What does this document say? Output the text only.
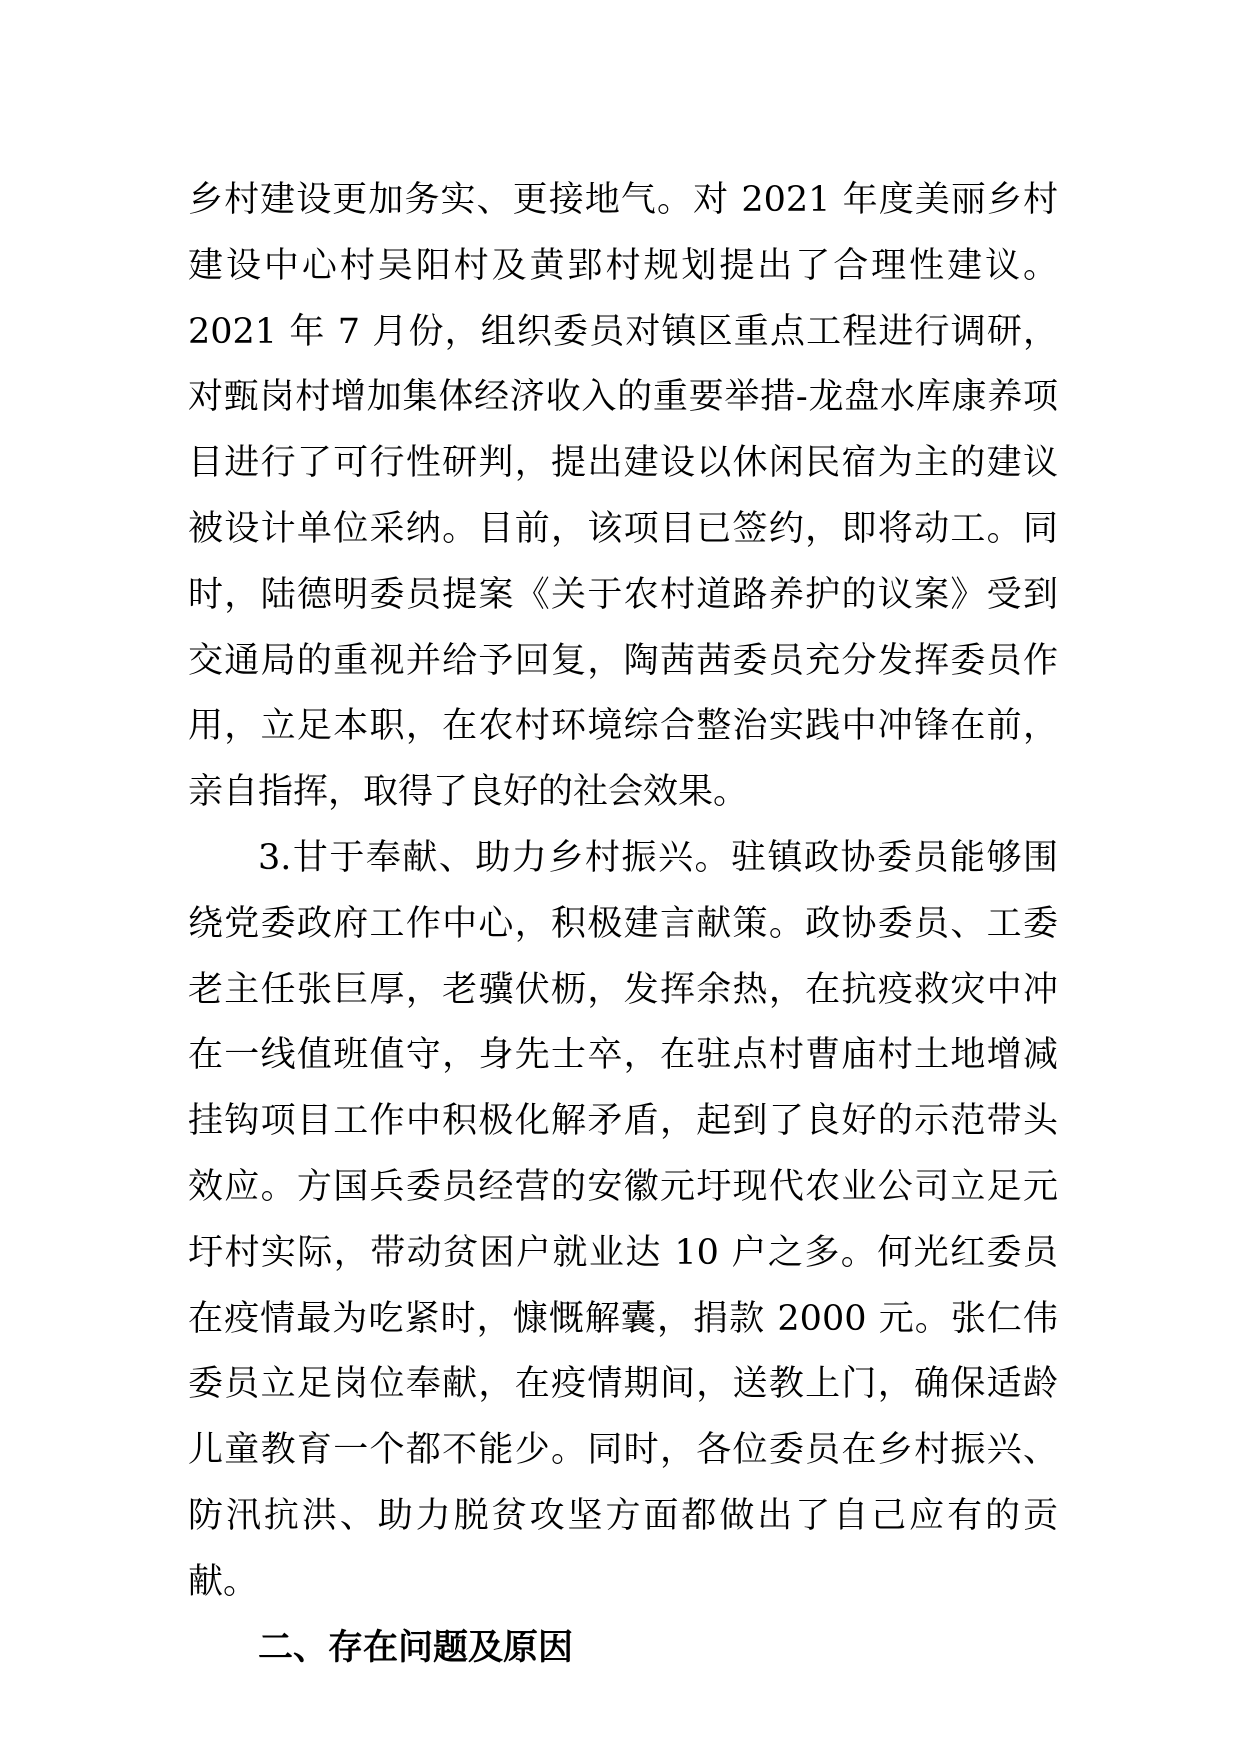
乡村建设更加务实、更接地气。对 2021 年度美丽乡村建设中心村吴阳村及黄郢村规划提出了合理性建议。2021 年 7 月份，组织委员对镇区重点工程进行调研，对甄岗村增加集体经济收入的重要举措-龙盘水库康养项目进行了可行性研判，提出建设以休闲民宿为主的建议被设计单位采纳。目前，该项目已签约，即将动工。同时，陆德明委员提案《关于农村道路养护的议案》受到交通局的重视并给予回复，陶茜茜委员充分发挥委员作用，立足本职，在农村环境综合整治实践中冲锋在前，亲自指挥，取得了良好的社会效果。

3.甘于奉献、助力乡村振兴。驻镇政协委员能够围绕党委政府工作中心，积极建言献策。政协委员、工委老主任张巨厚，老骥伏枥，发挥余热，在抗疫救灾中冲在一线值班值守，身先士卒，在驻点村曹庙村土地增减挂钩项目工作中积极化解矛盾，起到了良好的示范带头效应。方国兵委员经营的安徽元圩现代农业公司立足元圩村实际，带动贫困户就业达 10 户之多。何光红委员在疫情最为吃紧时，慷慨解囊，捐款 2000 元。张仁伟委员立足岗位奉献，在疫情期间，送教上门，确保适龄儿童教育一个都不能少。同时，各位委员在乡村振兴、防汛抗洪、助力脱贫攻坚方面都做出了自己应有的贡献。

二、存在问题及原因
